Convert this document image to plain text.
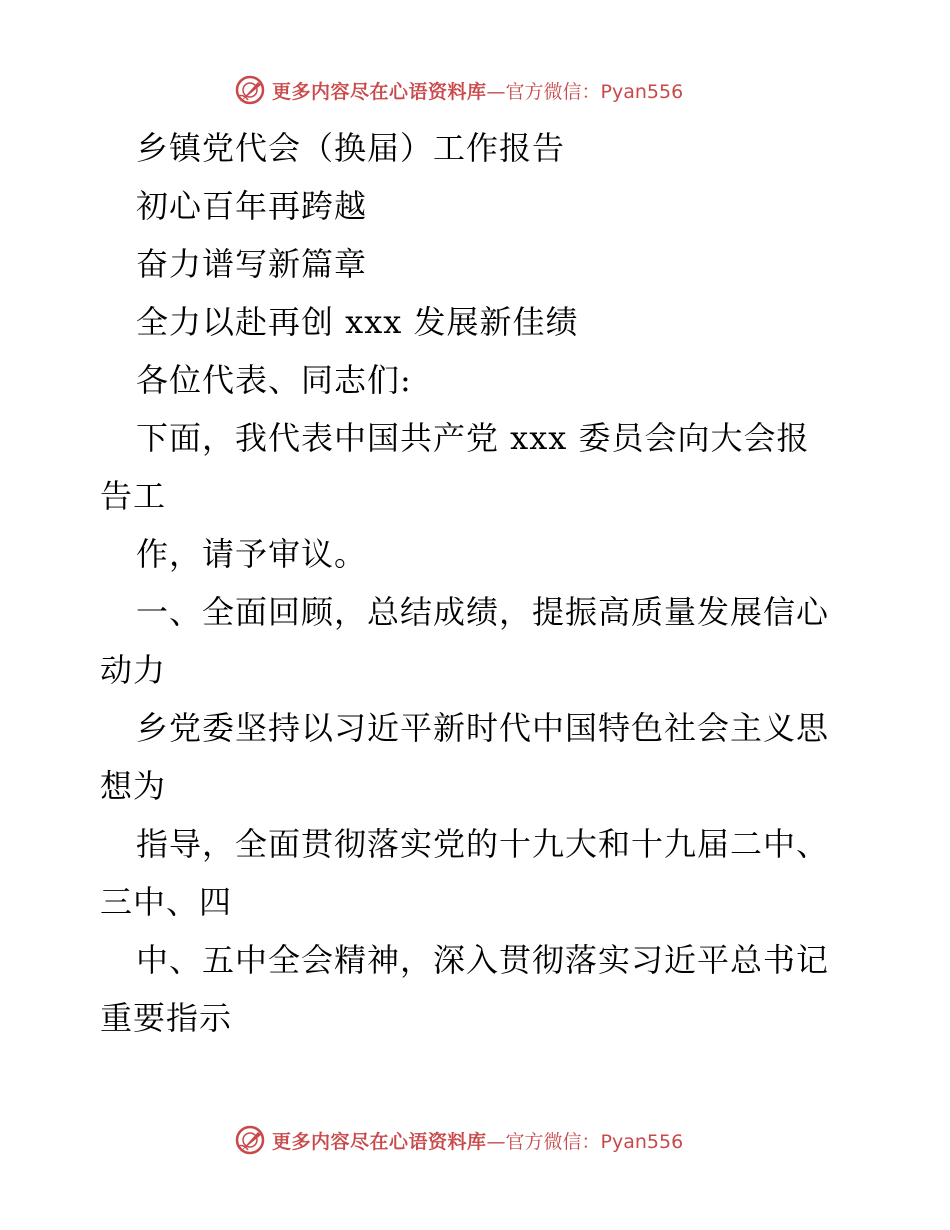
更多内容尽在心语资料库 —官方微信：Pyan556
乡镇党代会（换届）工作报告
初心百年再跨越
奋力谱写新篇章
全力以赴再创 xxx 发展新佳绩
各位代表、同志们:
下面，我代表中国共产党 xxx 委员会向大会报
告工
作，请予审议。
一、全面回顾，总结成绩，提振高质量发展信心
动力
乡党委坚持以习近平新时代中国特色社会主义思
想为
指导，全面贯彻落实党的十九大和十九届二中、
三中、四
中、五中全会精神，深入贯彻落实习近平总书记
重要指示
更多内容尽在心语资料库 —官方微信：Pyan556
